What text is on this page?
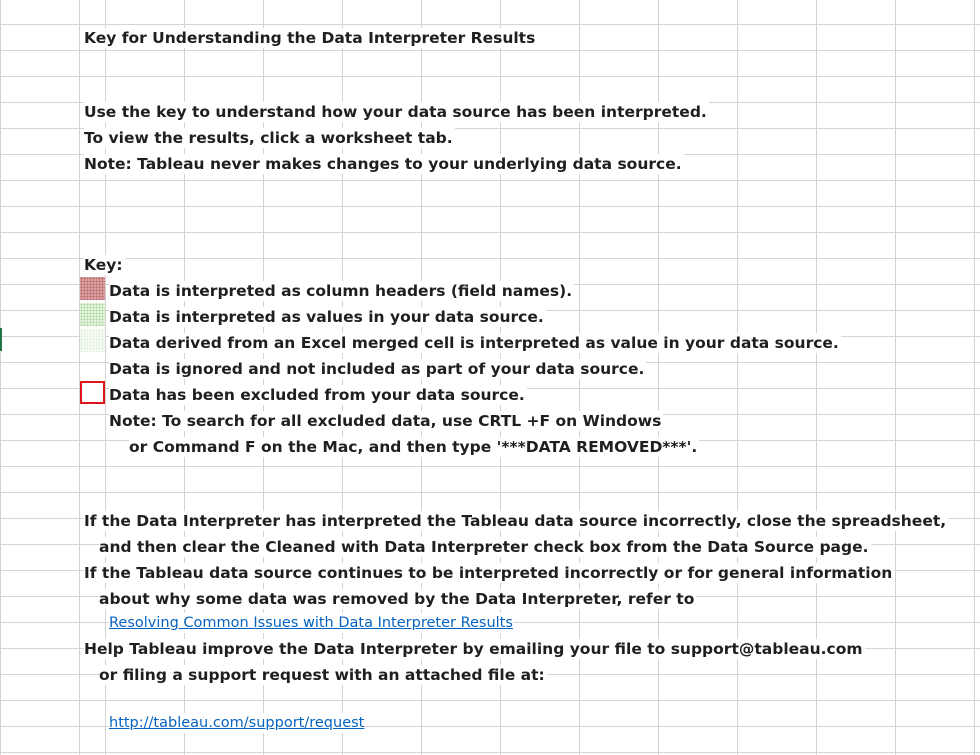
Key for Understanding the Data Interpreter Results
Use the key to understand how your data source has been interpreted.
To view the results, click a worksheet tab.
Note: Tableau never makes changes to your underlying data source.
Key:
Data is interpreted as column headers (field names).
Data is interpreted as values in your data source.
Data derived from an Excel merged cell is interpreted as value in your data source.
Data is ignored and not included as part of your data source.
Data has been excluded from your data source.
Note: To search for all excluded data, use CRTL +F on Windows
or Command F on the Mac, and then type '***DATA REMOVED***'.
If the Data Interpreter has interpreted the Tableau data source incorrectly, close the spreadsheet,
and then clear the Cleaned with Data Interpreter check box from the Data Source page.
If the Tableau data source continues to be interpreted incorrectly or for general information
about why some data was removed by the Data Interpreter, refer to
Resolving Common Issues with Data Interpreter Results
Help Tableau improve the Data Interpreter by emailing your file to support@tableau.com
or filing a support request with an attached file at:
http://tableau.com/support/request
